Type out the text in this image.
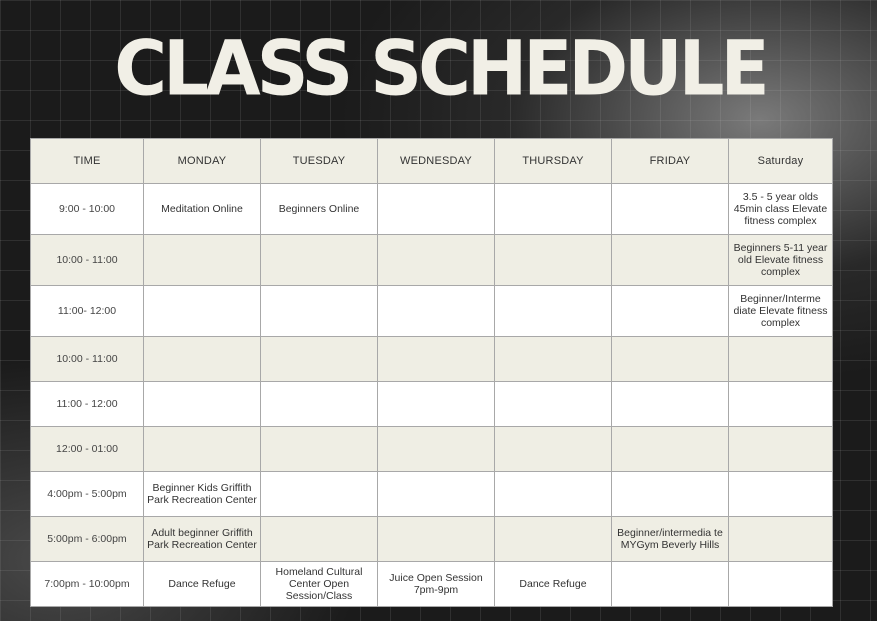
CLASS SCHEDULE
TIME	MONDAY	TUESDAY	WEDNESDAY	THURSDAY	FRIDAY	Saturday
9:00 - 10:00	Meditation Online	Beginners Online				3.5 - 5 year olds 45min class Elevate fitness complex
10:00 - 11:00						Beginners 5-11 year old Elevate fitness complex
11:00- 12:00						Beginner/Interme diate Elevate fitness complex
10:00 - 11:00						
11:00 - 12:00						
12:00 - 01:00						
4:00pm - 5:00pm	Beginner Kids Griffith Park Recreation Center					
5:00pm - 6:00pm	Adult beginner Griffith Park Recreation Center				Beginner/intermedia te MYGym Beverly Hills	
7:00pm - 10:00pm	Dance Refuge	Homeland Cultural Center Open Session/Class	Juice Open Session 7pm-9pm	Dance Refuge		
